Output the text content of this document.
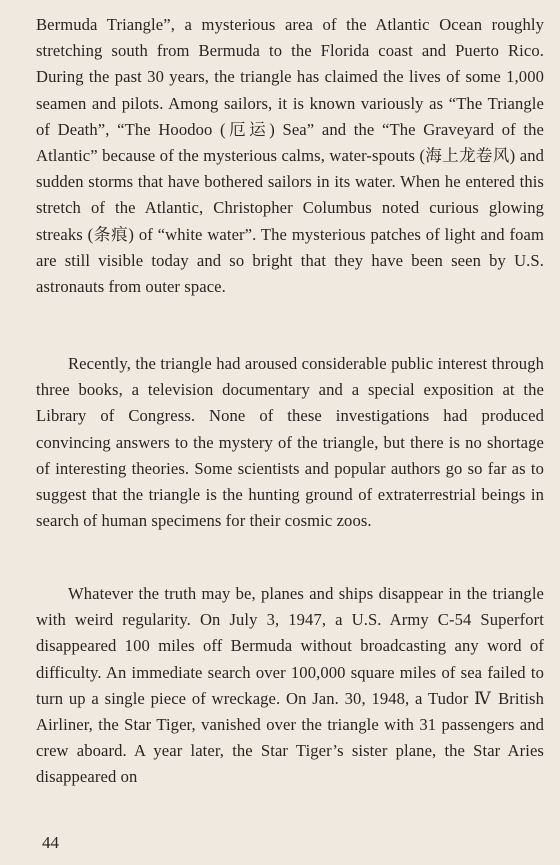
Bermuda Triangle”, a mysterious area of the Atlantic Ocean roughly stretching south from Bermuda to the Florida coast and Puerto Rico. During the past 30 years, the triangle has claimed the lives of some 1,000 seamen and pilots. Among sailors, it is known variously as “The Triangle of Death”, “The Hoodoo (厄运) Sea” and the “The Graveyard of the Atlantic” because of the mysterious calms, water-spouts (海上龙卷风) and sudden storms that have bothered sailors in its water. When he entered this stretch of the Atlantic, Christopher Columbus noted curious glowing streaks (条痕) of “white water”. The mysterious patches of light and foam are still visible today and so bright that they have been seen by U.S. astronauts from outer space.

Recently, the triangle had aroused considerable public interest through three books, a television documentary and a special exposition at the Library of Congress. None of these investigations had produced convincing answers to the mystery of the triangle, but there is no shortage of interesting theories. Some scientists and popular authors go so far as to suggest that the triangle is the hunting ground of extraterrestrial beings in search of human specimens for their cosmic zoos.

Whatever the truth may be, planes and ships disappear in the triangle with weird regularity. On July 3, 1947, a U.S. Army C-54 Superfort disappeared 100 miles off Bermuda without broadcasting any word of difficulty. An immediate search over 100,000 square miles of sea failed to turn up a single piece of wreckage. On Jan. 30, 1948, a Tudor Ⅳ British Airliner, the Star Tiger, vanished over the triangle with 31 passengers and crew aboard. A year later, the Star Tiger’s sister plane, the Star Aries disappeared on

44
